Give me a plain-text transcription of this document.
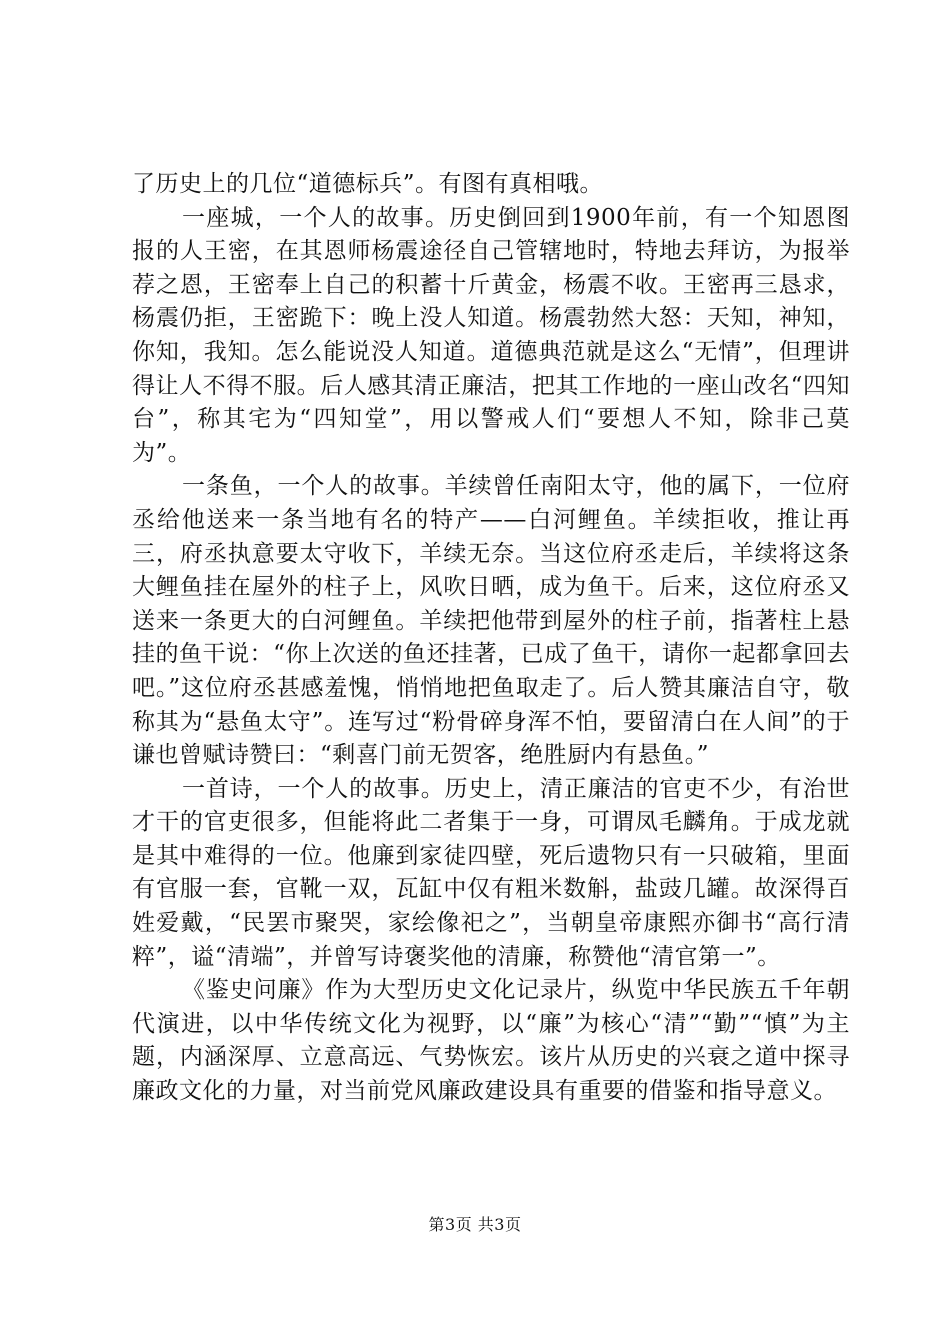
了历史上的几位“道德标兵”。有图有真相哦。

一座城，一个人的故事。历史倒回到1900年前，有一个知恩图报的人王密，在其恩师杨震途径自己管辖地时，特地去拜访，为报举荐之恩，王密奉上自己的积蓄十斤黄金，杨震不收。王密再三恳求，杨震仍拒，王密跪下：晚上没人知道。杨震勃然大怒：天知，神知，你知，我知。怎么能说没人知道。道德典范就是这么“无情”，但理讲得让人不得不服。后人感其清正廉洁，把其工作地的一座山改名“四知台”，称其宅为“四知堂”，用以警戒人们“要想人不知，除非己莫为”。

一条鱼，一个人的故事。羊续曾任南阳太守，他的属下，一位府丞给他送来一条当地有名的特产——白河鲤鱼。羊续拒收，推让再三，府丞执意要太守收下，羊续无奈。当这位府丞走后，羊续将这条大鲤鱼挂在屋外的柱子上，风吹日晒，成为鱼干。后来，这位府丞又送来一条更大的白河鲤鱼。羊续把他带到屋外的柱子前，指著柱上悬挂的鱼干说：“你上次送的鱼还挂著，已成了鱼干，请你一起都拿回去吧。”这位府丞甚感羞愧，悄悄地把鱼取走了。后人赞其廉洁自守，敬称其为“悬鱼太守”。连写过“粉骨碎身浑不怕，要留清白在人间”的于谦也曾赋诗赞曰：“剩喜门前无贺客，绝胜厨内有悬鱼。”

一首诗，一个人的故事。历史上，清正廉洁的官吏不少，有治世才干的官吏很多，但能将此二者集于一身，可谓凤毛麟角。于成龙就是其中难得的一位。他廉到家徒四壁，死后遗物只有一只破箱，里面有官服一套，官靴一双，瓦缸中仅有粗米数斛，盐豉几罐。故深得百姓爱戴，“民罢市聚哭，家绘像祀之”，当朝皇帝康熙亦御书“高行清粹”，谥“清端”，并曾写诗褒奖他的清廉，称赞他“清官第一”。

《鉴史问廉》作为大型历史文化记录片，纵览中华民族五千年朝代演进，以中华传统文化为视野，以“廉”为核心“清”“勤”“慎”为主题，内涵深厚、立意高远、气势恢宏。该片从历史的兴衰之道中探寻廉政文化的力量，对当前党风廉政建设具有重要的借鉴和指导意义。

第3页 共3页
